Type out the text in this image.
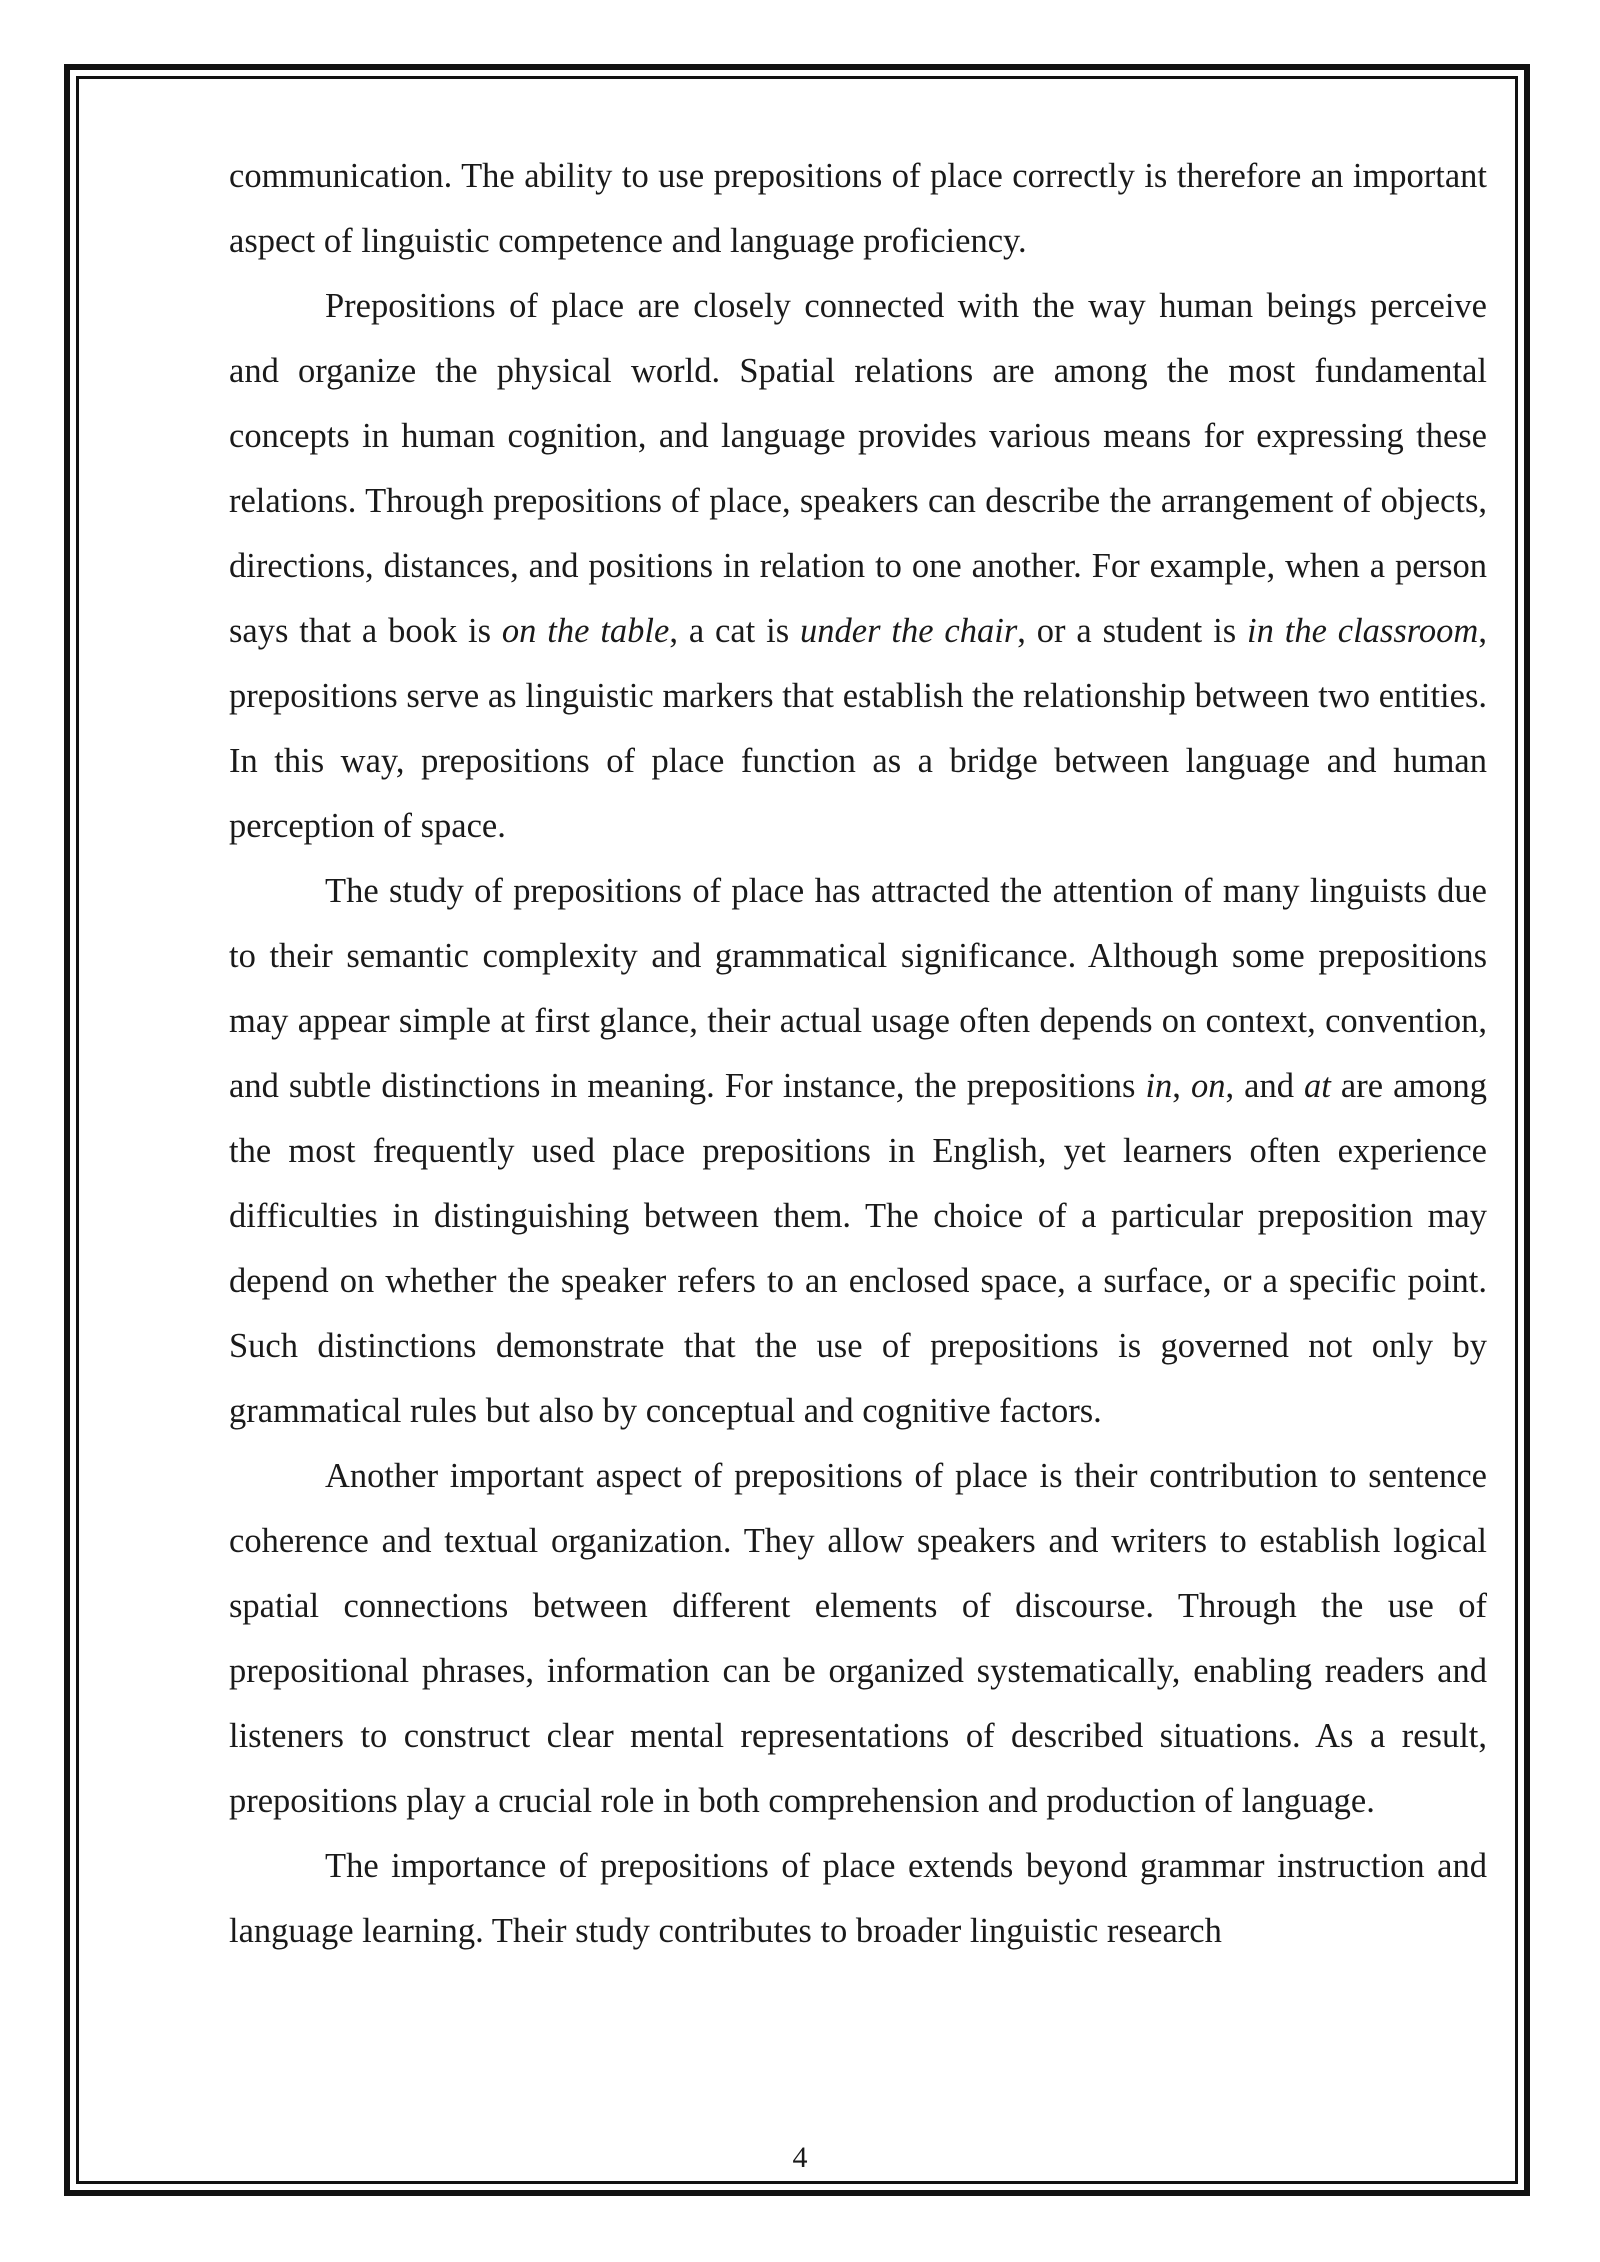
communication. The ability to use prepositions of place correctly is therefore an important aspect of linguistic competence and language proficiency.

Prepositions of place are closely connected with the way human beings perceive and organize the physical world. Spatial relations are among the most fundamental concepts in human cognition, and language provides various means for expressing these relations. Through prepositions of place, speakers can describe the arrangement of objects, directions, distances, and positions in relation to one another. For example, when a person says that a book is on the table, a cat is under the chair, or a student is in the classroom, prepositions serve as linguistic markers that establish the relationship between two entities. In this way, prepositions of place function as a bridge between language and human perception of space.

The study of prepositions of place has attracted the attention of many linguists due to their semantic complexity and grammatical significance. Although some prepositions may appear simple at first glance, their actual usage often depends on context, convention, and subtle distinctions in meaning. For instance, the prepositions in, on, and at are among the most frequently used place prepositions in English, yet learners often experience difficulties in distinguishing between them. The choice of a particular preposition may depend on whether the speaker refers to an enclosed space, a surface, or a specific point. Such distinctions demonstrate that the use of prepositions is governed not only by grammatical rules but also by conceptual and cognitive factors.

Another important aspect of prepositions of place is their contribution to sentence coherence and textual organization. They allow speakers and writers to establish logical spatial connections between different elements of discourse. Through the use of prepositional phrases, information can be organized systematically, enabling readers and listeners to construct clear mental representations of described situations. As a result, prepositions play a crucial role in both comprehension and production of language.

The importance of prepositions of place extends beyond grammar instruction and language learning. Their study contributes to broader linguistic research

4
